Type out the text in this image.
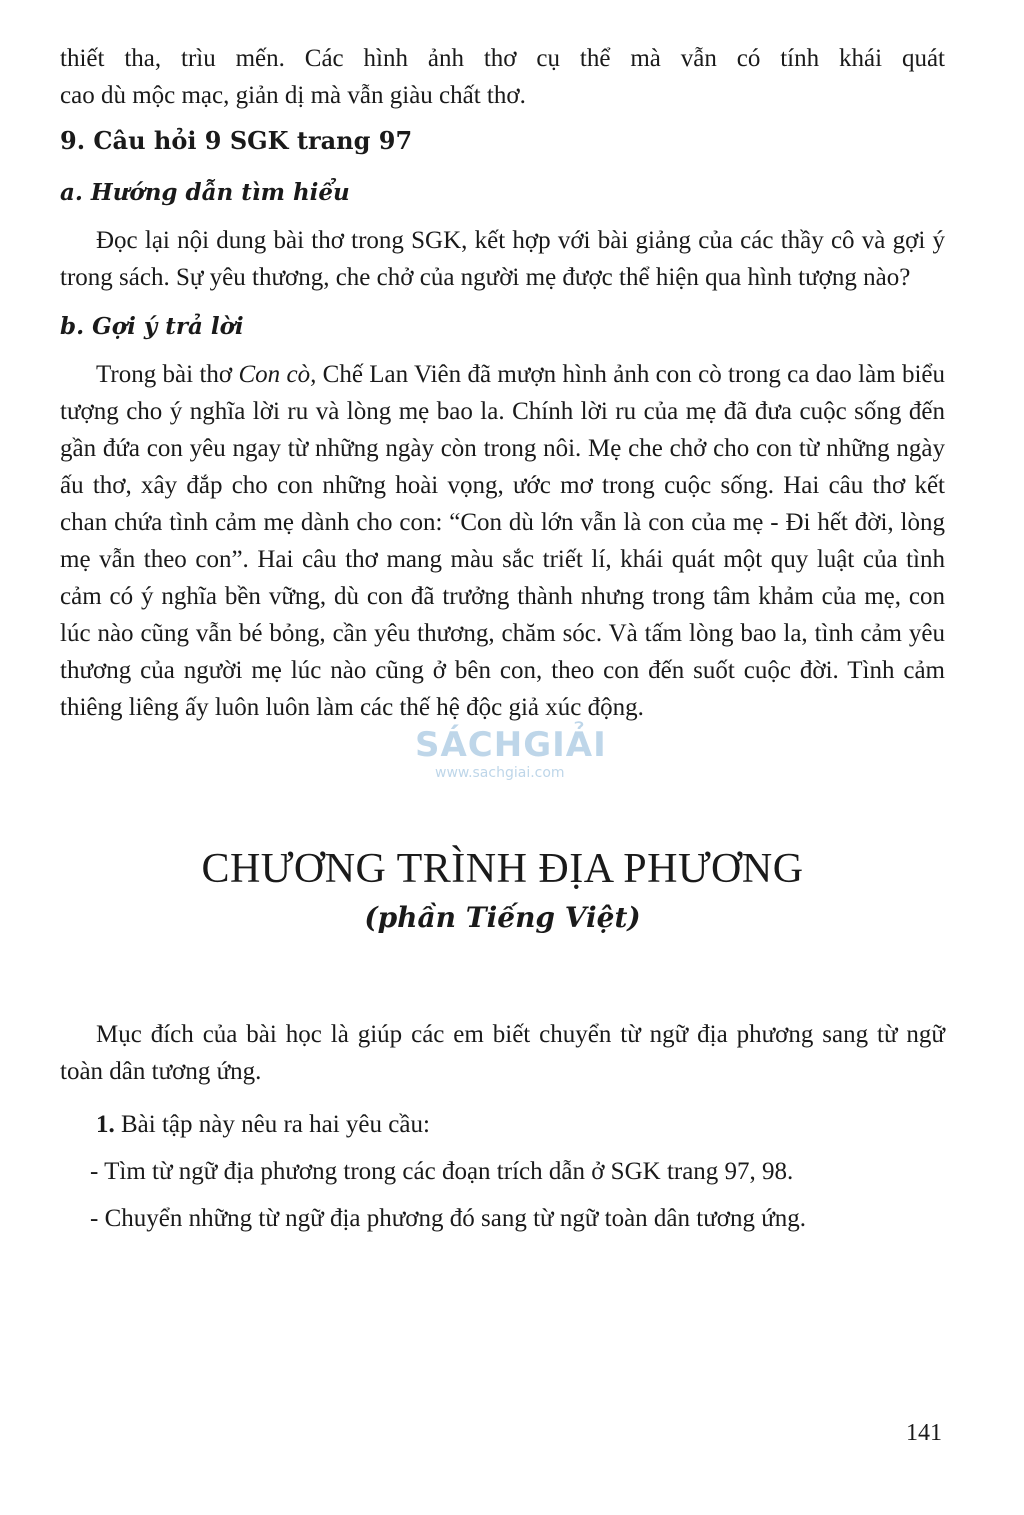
thiết tha, trìu mến. Các hình ảnh thơ cụ thể mà vẫn có tính khái quát

cao dù mộc mạc, giản dị mà vẫn giàu chất thơ.

9. Câu hỏi 9 SGK trang 97

a. Hướng dẫn tìm hiểu

Đọc lại nội dung bài thơ trong SGK, kết hợp với bài giảng của các thầy cô và gợi ý trong sách. Sự yêu thương, che chở của người mẹ được thể hiện qua hình tượng nào?

b. Gợi ý trả lời

Trong bài thơ Con cò, Chế Lan Viên đã mượn hình ảnh con cò trong ca dao làm biểu tượng cho ý nghĩa lời ru và lòng mẹ bao la. Chính lời ru của mẹ đã đưa cuộc sống đến gần đứa con yêu ngay từ những ngày còn trong nôi. Mẹ che chở cho con từ những ngày ấu thơ, xây đắp cho con những hoài vọng, ước mơ trong cuộc sống. Hai câu thơ kết chan chứa tình cảm mẹ dành cho con: “Con dù lớn vẫn là con của mẹ - Đi hết đời, lòng mẹ vẫn theo con”. Hai câu thơ mang màu sắc triết lí, khái quát một quy luật của tình cảm có ý nghĩa bền vững, dù con đã trưởng thành nhưng trong tâm khảm của mẹ, con lúc nào cũng vẫn bé bỏng, cần yêu thương, chăm sóc. Và tấm lòng bao la, tình cảm yêu thương của người mẹ lúc nào cũng ở bên con, theo con đến suốt cuộc đời. Tình cảm thiêng liêng ấy luôn luôn làm các thế hệ độc giả xúc động.

CHƯƠNG TRÌNH ĐỊA PHƯƠNG

(phần Tiếng Việt)

Mục đích của bài học là giúp các em biết chuyển từ ngữ địa phương sang từ ngữ toàn dân tương ứng.

1. Bài tập này nêu ra hai yêu cầu:

- Tìm từ ngữ địa phương trong các đoạn trích dẫn ở SGK trang 97, 98.

- Chuyển những từ ngữ địa phương đó sang từ ngữ toàn dân tương ứng.

SÁCHGIẢI
www.sachgiai.com
141
